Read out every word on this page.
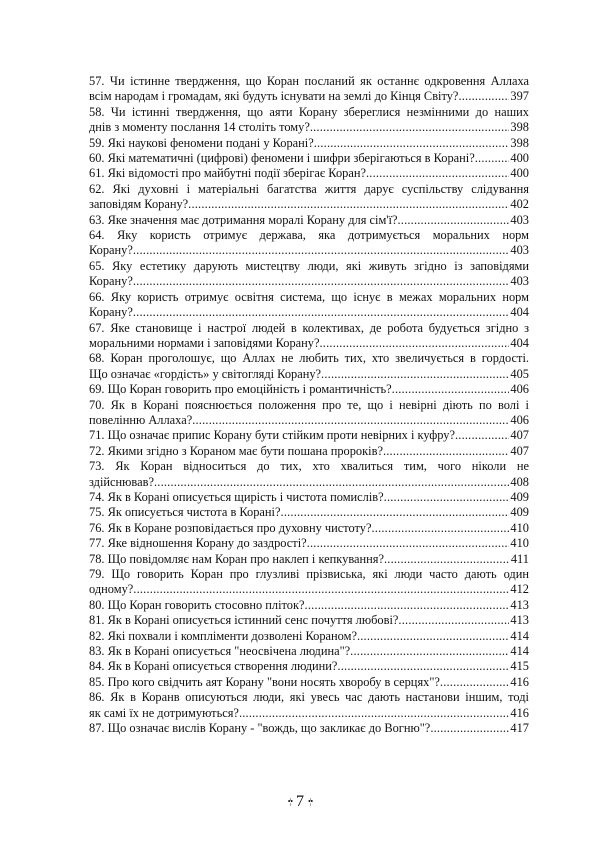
57. Чи істинне твердження, що Коран посланий як останнє одкровення Аллаха
всім народам і громадам, які будуть існувати на землі до Кінця Світу? .....	397
58. Чи істинні твердження, що аяти Корану збереглися незмінними до наших
днів з моменту послання 14 століть тому? .....	398
59. Які наукові феномени подані у Корані? .....	398
60. Які математичні (цифрові) феномени і шифри зберігаються в Корані? .....	400
61. Які відомості про майбутні події зберігає Коран? .....	400
62. Які духовні і матеріальні багатства життя дарує суспільству слідування
заповідям Корану? .....	402
63. Яке значення має дотримання моралі Корану для сім'ї? .....	403
64. Яку користь отримує держава, яка дотримується моральних норм
Корану? .....	403
65. Яку естетику дарують мистецтву люди, які живуть згідно із заповідями
Корану? .....	403
66. Яку користь отримує освітня система, що існує в межах моральних норм
Корану? .....	404
67. Яке становище і настрої людей в колективах, де робота будується згідно з
моральними нормами і заповідями Корану? .....	404
68. Коран проголошує, що Аллах не любить тих, хто звеличується в гордості.
Що означає «гордість» у світогляді Корану? .....	405
69. Що Коран говорить про емоційність і романтичність? .....	406
70. Як в Корані пояснюється положення про те, що і невірні діють по волі і
повелінню Аллаха? .....	406
71. Що означає припис Корану бути стійким проти невірних і куфру? .....	407
72. Якими згідно з Кораном має бути пошана пророків? .....	407
73. Як Коран відноситься до тих, хто хвалиться тим, чого ніколи не
здійснював? .....	408
74. Як в Корані описується щирість і чистота помислів? .....	409
75. Як описується чистота в Корані? .....	409
76. Як в Коране розповідається про духовну чистоту? .....	410
77. Яке відношення Корану до заздрості? .....	410
78. Що повідомляє нам Коран про наклеп і кепкування? .....	411
79. Що говорить Коран про глузливі прізвиська, які люди часто дають один
одному? .....	412
80. Що Коран говорить стосовно пліток? .....	413
81. Як в Корані описується істинний сенс почуття любові? .....	413
82. Які похвали і компліменти дозволені Кораном? .....	414
83. Як в Корані описується "неосвічена людина"? .....	414
84. Як в Корані описується створення людини? .....	415
85. Про кого свідчить аят Корану "вони носять хворобу в серцях"? .....	416
86. Як в Коранв описуються люди, які увесь час дають настанови іншим, тоді
як самі їх не дотримуються? .....	416
87. Що означає вислів Корану - "вождь, що закликає до Вогню"? .....	417
•¦• 7 •¦•
